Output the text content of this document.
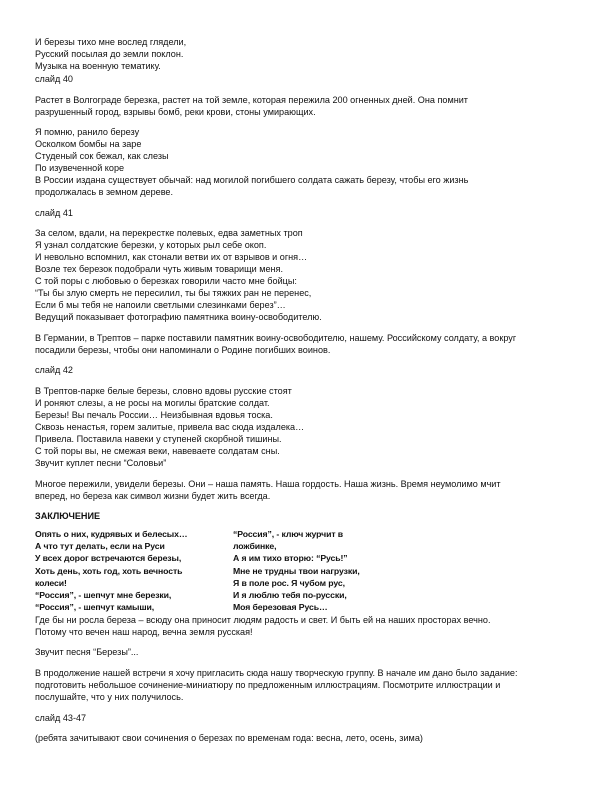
И березы тихо мне вослед глядели,
Русский посылая до земли поклон.
Музыка на военную тематику.
слайд 40
Растет в Волгограде березка, растет на той земле, которая пережила 200 огненных дней. Она помнит
разрушенный город, взрывы бомб, реки крови, стоны умирающих.
Я помню, ранило березу
Осколком бомбы на заре
Студеный сок бежал, как слезы
По изувеченной коре
В России издана существует обычай: над могилой погибшего солдата сажать березу, чтобы его жизнь
продолжалась в земном дереве.
слайд 41
За селом, вдали, на перекрестке полевых, едва заметных троп
Я узнал солдатские березки, у которых рыл себе окоп.
И невольно вспомнил, как стонали ветви их от взрывов и огня…
Возле тех березок подобрали чуть живым товарищи меня.
С той поры с любовью о березках говорили часто мне бойцы:
“Ты бы злую смерть не пересилил, ты бы тяжких ран не перенес,
Если б мы тебя не напоили светлыми слезинками берез”…
Ведущий показывает фотографию памятника воину-освободителю.
В Германии, в Трептов – парке поставили памятник воину-освободителю, нашему. Российскому солдату, а вокруг
посадили березы, чтобы они напоминали о Родине погибших воинов.
слайд 42
В Трептов-парке белые березы, словно вдовы русские стоят
И роняют слезы, а не росы на могилы братские солдат.
Березы! Вы печаль России… Неизбывная вдовья тоска.
Сквозь ненастья, горем залитые, привела вас сюда издалека…
Привела. Поставила навеки у ступеней скорбной тишины.
С той поры вы, не смежая веки, навеваете солдатам сны.
Звучит куплет песни “Соловьи”
Многое пережили, увидели березы. Они – наша память. Наша гордость. Наша жизнь. Время неумолимо мчит
вперед, но береза как символ жизни будет жить всегда.
ЗАКЛЮЧЕНИЕ
Опять о них, кудрявых и белесых…
А что тут делать, если на Руси
У всех дорог встречаются березы,
Хоть день, хоть год, хоть вечность
колеси!
“Россия”, - шепчут мне березки,
“Россия”, - шепчут камыши,
“Россия”, - ключ журчит в
ложбинке,
А я им тихо вторю: “Русь!”
Мне не трудны твои нагрузки,
Я в поле рос. Я чубом рус,
И я люблю тебя по-русски,
Моя березовая Русь…
Где бы ни росла береза – всюду она приносит людям радость и свет. И быть ей на наших просторах вечно.
Потому что вечен наш народ, вечна земля русская!
Звучит песня “Березы”...
В продолжение нашей встречи я хочу пригласить сюда нашу творческую группу. В начале им дано было задание:
подготовить небольшое сочинение-миниатюру по предложенным иллюстрациям. Посмотрите иллюстрации и
послушайте, что у них получилось.
слайд 43-47
(ребята зачитывают свои сочинения о березах по временам года: весна, лето, осень, зима)
